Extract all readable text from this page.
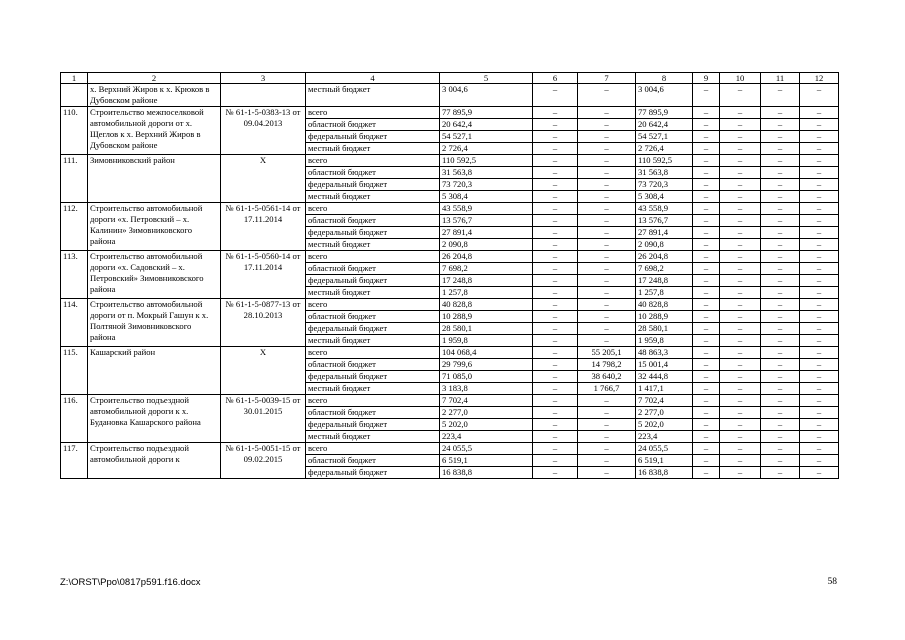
1	2	3	4	5	6	7	8	9	10	11	12
	х. Верхний Жиров к х. Крюков в Дубовском районе		местный бюджет	3 004,6	–	–	3 004,6	–	–	–	–
110.	Строительство межпоселковой автомобильной дороги от х. Щеглов к х. Верхний Жиров в Дубовском районе	№ 61-1-5-0383-13 от 09.04.2013	всего	77 895,9	–	–	77 895,9	–	–	–	–
			областной бюджет	20 642,4	–	–	20 642,4	–	–	–	–
			федеральный бюджет	54 527,1	–	–	54 527,1	–	–	–	–
			местный бюджет	2 726,4	–	–	2 726,4	–	–	–	–
111.	Зимовниковский район	Х	всего	110 592,5	–	–	110 592,5	–	–	–	–
			областной бюджет	31 563,8	–	–	31 563,8	–	–	–	–
			федеральный бюджет	73 720,3	–	–	73 720,3	–	–	–	–
			местный бюджет	5 308,4	–	–	5 308,4	–	–	–	–
112.	Строительство автомобильной дороги «х. Петровский – х. Калинин» Зимовниковского района	№ 61-1-5-0561-14 от 17.11.2014	всего	43 558,9	–	–	43 558,9	–	–	–	–
			областной бюджет	13 576,7	–	–	13 576,7	–	–	–	–
			федеральный бюджет	27 891,4	–	–	27 891,4	–	–	–	–
			местный бюджет	2 090,8	–	–	2 090,8	–	–	–	–
113.	Строительство автомобильной дороги «х. Садовский – х. Петровский» Зимовниковского района	№ 61-1-5-0560-14 от 17.11.2014	всего	26 204,8	–	–	26 204,8	–	–	–	–
			областной бюджет	7 698,2	–	–	7 698,2	–	–	–	–
			федеральный бюджет	17 248,8	–	–	17 248,8	–	–	–	–
			местный бюджет	1 257,8	–	–	1 257,8	–	–	–	–
114.	Строительство автомобильной дороги от п. Мокрый Гашун к х. Полтяной Зимовниковского района	№ 61-1-5-0877-13 от 28.10.2013	всего	40 828,8	–	–	40 828,8	–	–	–	–
			областной бюджет	10 288,9	–	–	10 288,9	–	–	–	–
			федеральный бюджет	28 580,1	–	–	28 580,1	–	–	–	–
			местный бюджет	1 959,8	–	–	1 959,8	–	–	–	–
115.	Кашарский район	Х	всего	104 068,4	–	55 205,1	48 863,3	–	–	–	–
			областной бюджет	29 799,6	–	14 798,2	15 001,4	–	–	–	–
			федеральный бюджет	71 085,0	–	38 640,2	32 444,8	–	–	–	–
			местный бюджет	3 183,8	–	1 766,7	1 417,1	–	–	–	–
116.	Строительство подъездной автомобильной дороги к х. Будановка Кашарского района	№ 61-1-5-0039-15 от 30.01.2015	всего	7 702,4	–	–	7 702,4	–	–	–	–
			областной бюджет	2 277,0	–	–	2 277,0	–	–	–	–
			федеральный бюджет	5 202,0	–	–	5 202,0	–	–	–	–
			местный бюджет	223,4	–	–	223,4	–	–	–	–
117.	Строительство подъездной автомобильной дороги к	№ 61-1-5-0051-15 от 09.02.2015	всего	24 055,5	–	–	24 055,5	–	–	–	–
			областной бюджет	6 519,1	–	–	6 519,1	–	–	–	–
			федеральный бюджет	16 838,8	–	–	16 838,8	–	–	–	–
Z:\ORST\Ppo\0817p591.f16.docx	58
